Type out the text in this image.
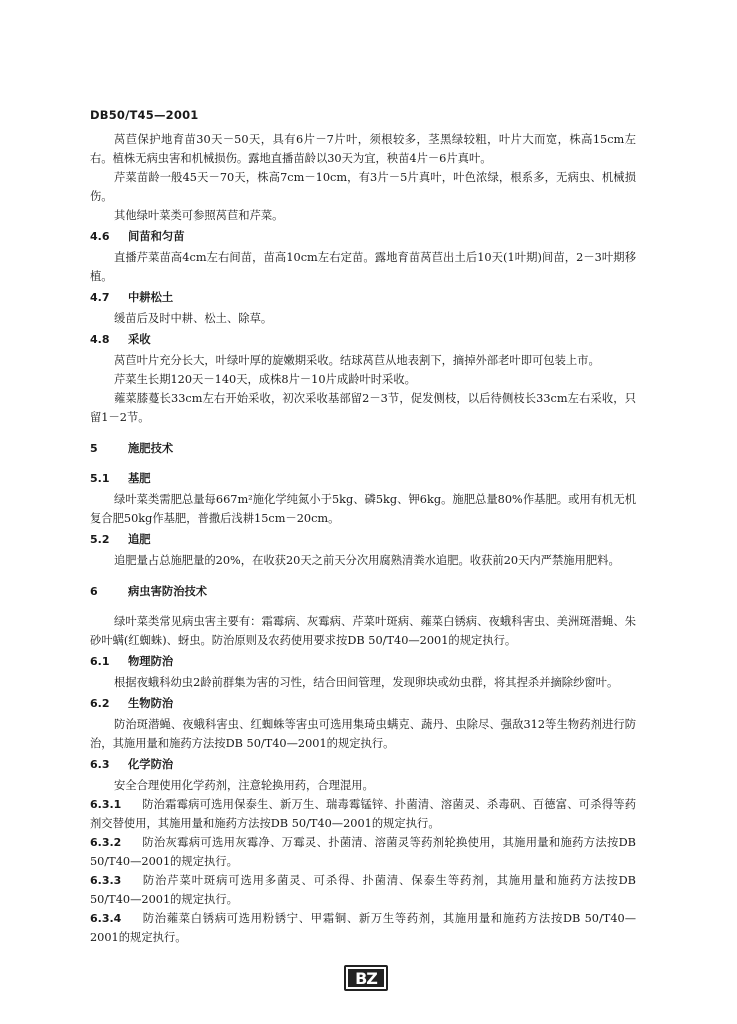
DB50/T45—2001

莴苣保护地育苗30天－50天，具有6片－7片叶，须根较多，茎黑绿较粗，叶片大而宽，株高15cm左右。植株无病虫害和机械损伤。露地直播苗龄以30天为宜，秧苗4片－6片真叶。

芹菜苗龄一般45天－70天，株高7cm－10cm，有3片－5片真叶，叶色浓绿，根系多，无病虫、机械损伤。

其他绿叶菜类可参照莴苣和芹菜。

4.6 间苗和匀苗

直播芹菜苗高4cm左右间苗，苗高10cm左右定苗。露地育苗莴苣出土后10天(1叶期)间苗，2－3叶期移植。

4.7 中耕松土

缓苗后及时中耕、松土、除草。

4.8 采收

莴苣叶片充分长大，叶绿叶厚的旋嫩期采收。结球莴苣从地表割下，摘掉外部老叶即可包装上市。

芹菜生长期120天－140天，成株8片－10片成龄叶时采收。

蕹菜膝蔓长33cm左右开始采收，初次采收基部留2－3节，促发侧枝，以后待侧枝长33cm左右采收，只留1－2节。

5	施肥技术
5.1 基肥

绿叶菜类需肥总量每667m²施化学纯氮小于5kg、磷5kg、钾6kg。施肥总量80%作基肥。或用有机无机复合肥50kg作基肥，普撒后浅耕15cm－20cm。

5.2 追肥

追肥量占总施肥量的20%，在收获20天之前天分次用腐熟清粪水追肥。收获前20天内严禁施用肥料。

6	病虫害防治技术

绿叶菜类常见病虫害主要有：霜霉病、灰霉病、芹菜叶斑病、蕹菜白锈病、夜蛾科害虫、美洲斑潜蝇、朱砂叶螨(红蜘蛛)、蚜虫。防治原则及农药使用要求按DB 50/T40—2001的规定执行。

6.1 物理防治

根据夜蛾科幼虫2龄前群集为害的习性，结合田间管理，发现卵块或幼虫群，将其捏杀并摘除纱窗叶。

6.2 生物防治

防治斑潜蝇、夜蛾科害虫、红蜘蛛等害虫可选用集琦虫螨克、蔬丹、虫除尽、强敌312等生物药剂进行防治，其施用量和施药方法按DB 50/T40—2001的规定执行。

6.3 化学防治

安全合理使用化学药剂，注意轮换用药，合理混用。

6.3.1 防治霜霉病可选用保泰生、新万生、瑞毒霉锰锌、扑菌清、溶菌灵、杀毒矾、百德富、可杀得等药剂交替使用，其施用量和施药方法按DB 50/T40—2001的规定执行。

6.3.2 防治灰霉病可选用灰霉净、万霉灵、扑菌清、溶菌灵等药剂轮换使用，其施用量和施药方法按DB 50/T40—2001的规定执行。

6.3.3 防治芹菜叶斑病可选用多菌灵、可杀得、扑菌清、保泰生等药剂，其施用量和施药方法按DB 50/T40—2001的规定执行。

6.3.4 防治蕹菜白锈病可选用粉锈宁、甲霜铜、新万生等药剂，其施用量和施药方法按DB 50/T40—2001的规定执行。

BZ
